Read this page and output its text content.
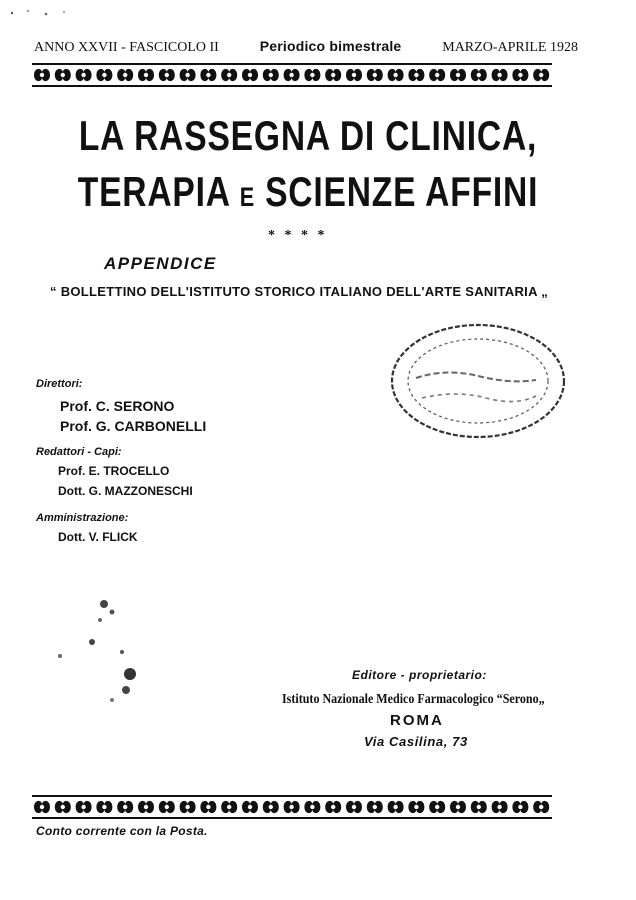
ANNO XXVII - FASCICOLO II	Periodico bimestrale	MARZO-APRILE 1928
LA RASSEGNA DI CLINICA,
TERAPIA E SCIENZE AFFINI
* * * *
APPENDICE
“ BOLLETTINO DELL'ISTITUTO STORICO ITALIANO DELL'ARTE SANITARIA „
Direttori:
Prof. C. SERONO
Prof. G. CARBONELLI
Redattori - Capi:
Prof. E. TROCELLO
Dott. G. MAZZONESCHI
Amministrazione:
Dott. V. FLICK
Editore - proprietario:
Istituto Nazionale Medico Farmacologico “Serono„
ROMA
Via Casilina, 73
Conto corrente con la Posta.
